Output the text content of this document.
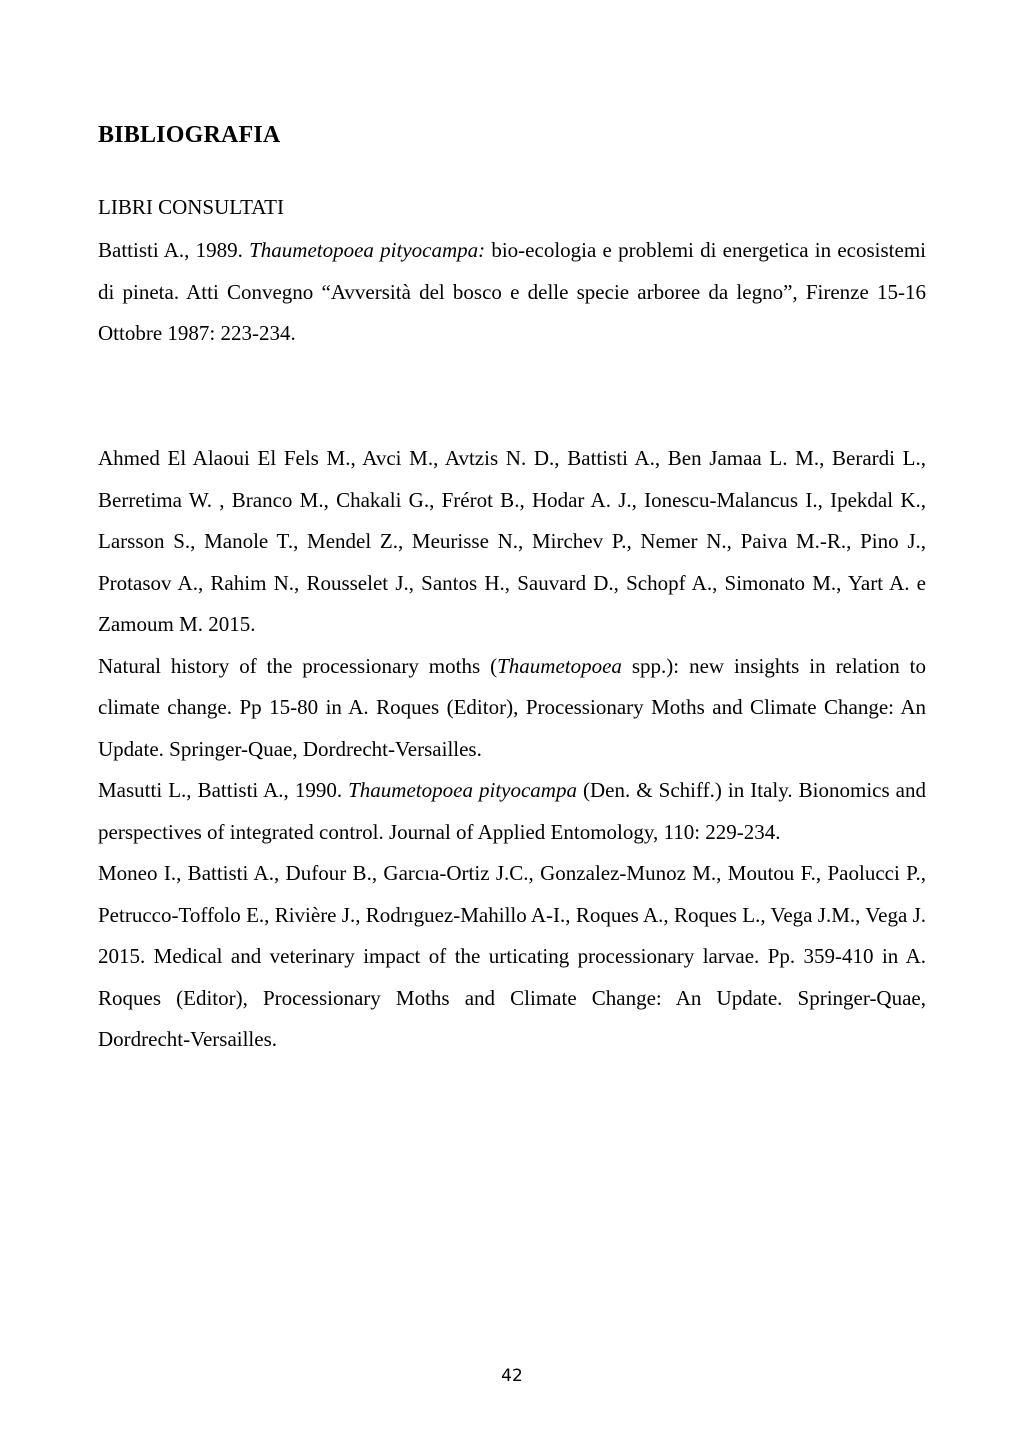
BIBLIOGRAFIA
LIBRI CONSULTATI

Battisti A., 1989. Thaumetopoea pityocampa: bio-ecologia e problemi di energetica in ecosistemi di pineta. Atti Convegno “Avversità del bosco e delle specie arboree da legno”, Firenze 15-16 Ottobre 1987: 223-234.

Ahmed El Alaoui El Fels M., Avci M., Avtzis N. D., Battisti A., Ben Jamaa L. M., Berardi L., Berretima W. , Branco M., Chakali G., Frérot B., Hodar A. J., Ionescu-Malancus I., Ipekdal K., Larsson S., Manole T., Mendel Z., Meurisse N., Mirchev P., Nemer N., Paiva M.-R., Pino J., Protasov A., Rahim N., Rousselet J., Santos H., Sauvard D., Schopf A., Simonato M., Yart A. e Zamoum M. 2015.

Natural history of the processionary moths (Thaumetopoea spp.): new insights in relation to climate change. Pp 15-80 in A. Roques (Editor), Processionary Moths and Climate Change: An Update. Springer-Quae, Dordrecht-Versailles.

Masutti L., Battisti A., 1990. Thaumetopoea pityocampa (Den. & Schiff.) in Italy. Bionomics and perspectives of integrated control. Journal of Applied Entomology, 110: 229-234.

Moneo I., Battisti A., Dufour B., Garcıa-Ortiz J.C., Gonzalez-Munoz M., Moutou F., Paolucci P., Petrucco-Toffolo E., Rivière J., Rodrıguez-Mahillo A-I., Roques A., Roques L., Vega J.M., Vega J. 2015. Medical and veterinary impact of the urticating processionary larvae. Pp. 359-410 in A. Roques (Editor), Processionary Moths and Climate Change: An Update. Springer-Quae, Dordrecht-Versailles.

42
